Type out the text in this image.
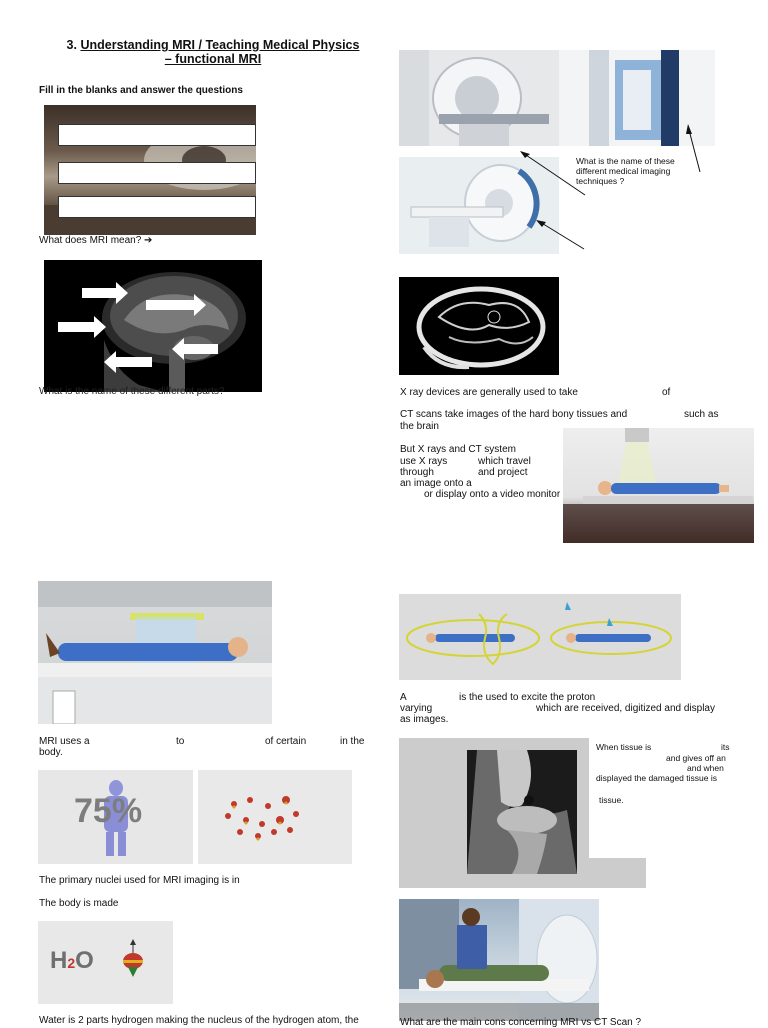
3. Understanding MRI / Teaching Medical Physics
– functional MRI
Fill in the blanks and answer the questions
What does MRI mean? ➔
What is the name of these different parts?
What is the name of these different medical imaging techniques ?
X ray devices are generally used to take	of
CT scans take images of the hard bony tissues and	such as
the brain
But X rays and CT system
use X rays	which travel
through	and project
an image onto a
or display onto a video monitor
MRI uses a	to	of certain	in the
body.
75%
The primary nuclei used for MRI imaging is in
The body is made
H2O
Water is 2 parts hydrogen making the nucleus of the hydrogen atom, the
A	is the used to excite the proton
varying	which are received, digitized and display
as images.
When tissue is	its
and gives off an
and when
displayed the damaged tissue is
tissue.
What are the main cons concerning MRI vs CT Scan ?
